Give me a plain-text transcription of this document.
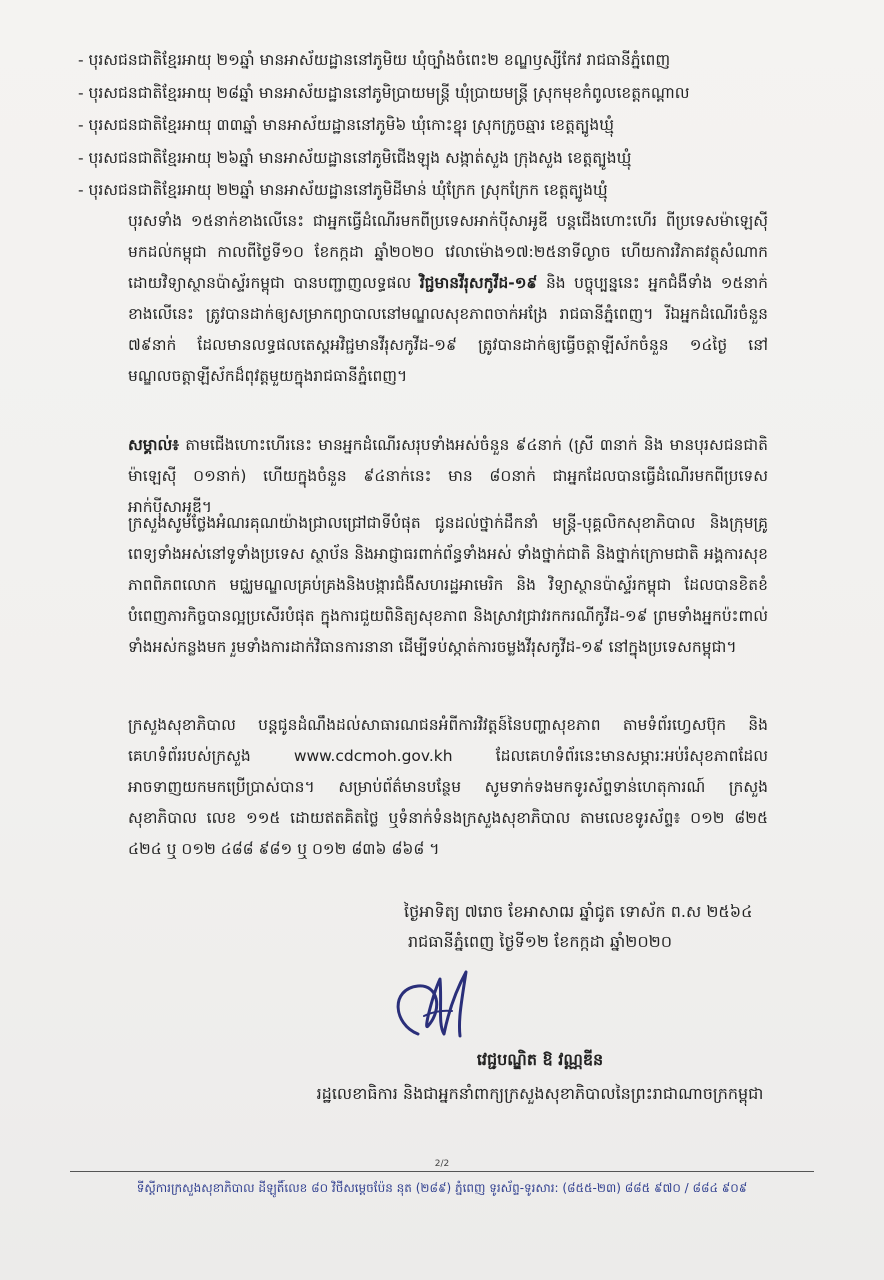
- បុរសជនជាតិខ្មែរអាយុ ២១ឆ្នាំ មានអាស័យដ្ឋាននៅភូមិយ ឃុំច្បាំងចំពេះ២ ខណ្ឌឫស្សីកែវ រាជធានីភ្នំពេញ
- បុរសជនជាតិខ្មែរអាយុ ២៨ឆ្នាំ មានអាស័យដ្ឋាននៅភូមិប្រាយមន្ត្រី ឃុំប្រាយមន្ត្រី ស្រុកមុខកំពូលខេត្តកណ្ដាល
- បុរសជនជាតិខ្មែរអាយុ ៣៣ឆ្នាំ មានអាស័យដ្ឋាននៅភូមិ៦ ឃុំកោះខ្នុរ ស្រុកក្រូចឆ្មារ ខេត្តត្បូងឃ្មុំ
- បុរសជនជាតិខ្មែរអាយុ ២៦ឆ្នាំ មានអាស័យដ្ឋាននៅភូមិជើងឡុង សង្កាត់សួង ក្រុងសួង ខេត្តត្បូងឃ្មុំ
- បុរសជនជាតិខ្មែរអាយុ ២២ឆ្នាំ មានអាស័យដ្ឋាននៅភូមិដីមាន់ ឃុំក្រែក ស្រុកក្រែក ខេត្តត្បូងឃ្មុំ
បុរសទាំង ១៥នាក់ខាងលើនេះ ជាអ្នកធ្វើដំណើរមកពីប្រទេសអាក់ប៉ីសាអូឌី បន្តជើងហោះហើរ ពីប្រទេសម៉ាឡេស៊ី មកដល់កម្ពុជា កាលពីថ្ងៃទី១០ ខែកក្កដា ឆ្នាំ២០២០ វេលាម៉ោង១៧:២៥នាទីល្ងាច ហើយការវិភាគវត្ថុសំណាកដោយវិទ្យាស្ថានប៉ាស្ទ័រកម្ពុជា បានបញ្ជាញលទ្ធផល វិជ្ជមានវីរុសកូវីដ-១៩ និង បច្ចុប្បន្ននេះ អ្នកជំងឺទាំង ១៥នាក់ខាងលើនេះ ត្រូវបានដាក់ឲ្យសម្រាកព្យាបាលនៅមណ្ឌលសុខភាពចាក់អង្រែ រាជធានីភ្នំពេញ។ រីឯអ្នកដំណើរចំនួន ៧៩នាក់ ដែលមានលទ្ធផលតេស្តអវិជ្ជមានវីរុសកូវីដ-១៩ ត្រូវបានដាក់ឲ្យធ្វើចត្តាឡីស័កចំនួន ១៤ថ្ងៃ នៅមណ្ឌលចត្តាឡីស័កដ៏ពុវត្តមួយក្នុងរាជធានីភ្នំពេញ។
សម្គាល់៖ តាមជើងហោះហើរនេះ មានអ្នកដំណើរសរុបទាំងអស់ចំនួន ៩៤នាក់ (ស្រី ៣នាក់ និង មានបុរសជនជាតិម៉ាឡេស៊ី ០១នាក់) ហើយក្នុងចំនួន ៩៤នាក់នេះ មាន ៨០នាក់ ជាអ្នកដែលបានធ្វើដំណើរមកពីប្រទេសអាក់ប៉ីសាអូឌី។
ក្រសួងសូមថ្លែងអំណរគុណយ៉ាងជ្រាលជ្រៅជាទីបំផុត ជូនដល់ថ្នាក់ដឹកនាំ មន្ត្រី-បុគ្គលិកសុខាភិបាល និងក្រុមគ្រូពេទ្យទាំងអស់នៅទូទាំងប្រទេស ស្ថាប័ន និងអាជ្ញាធរពាក់ព័ន្ធទាំងអស់ ទាំងថ្នាក់ជាតិ និងថ្នាក់ក្រោមជាតិ អង្គការសុខភាពពិភពលោក មជ្ឈមណ្ឌលគ្រប់គ្រងនិងបង្ការជំងឺសហរដ្ឋអាមេរិក និង វិទ្យាស្ថានប៉ាស្ទ័រកម្ពុជា ដែលបានខិតខំបំពេញភារកិច្ចបានល្អប្រសើរបំផុត ក្នុងការជួយពិនិត្យសុខភាព និងស្រាវជ្រាវរកករណីកូវីដ-១៩ ព្រមទាំងអ្នកប៉ះពាល់ទាំងអស់កន្លងមក រួមទាំងការដាក់វិធានការនានា ដើម្បីទប់ស្កាត់ការចម្លងវីរុសកូវីដ-១៩ នៅក្នុងប្រទេសកម្ពុជា។
ក្រសួងសុខាភិបាល បន្តជូនដំណឹងដល់សាធារណជនអំពីការវិវត្តន៍នៃបញ្ហាសុខភាព តាមទំព័រហ្វេសប៊ុក និងគេហទំព័ររបស់ក្រសួង www.cdcmoh.gov.kh ដែលគេហទំព័រនេះមានសម្ភារៈអប់រំសុខភាពដែលអាចទាញយកមកប្រើប្រាស់បាន។ សម្រាប់ព័ត៌មានបន្ថែម សូមទាក់ទងមកទូរស័ព្ទទាន់ហេតុការណ៍ ក្រសួងសុខាភិបាល លេខ ១១៥ ដោយឥតគិតថ្លៃ ឬទំនាក់ទំនងក្រសួងសុខាភិបាល តាមលេខទូរស័ព្ទ៖ ០១២ ៨២៥ ៤២៤ ឬ ០១២ ៤៨៨ ៩៨១ ឬ ០១២ ៨៣៦ ៨៦៨ ។
ថ្ងៃអាទិត្យ ៧រោច ខែអាសាឍ ឆ្នាំជូត ទោស័ក ព.ស ២៥៦៤
រាជធានីភ្នំពេញ ថ្ងៃទី១២ ខែកក្កដា ឆ្នាំ២០២០
វេជ្ជបណ្ឌិត ឱ វណ្ណឌីន
រដ្ឋលេខាធិការ និងជាអ្នកនាំពាក្យក្រសួងសុខាភិបាលនៃព្រះរាជាណាចក្រកម្ពុជា
2/2
ទីស្តីការក្រសួងសុខាភិបាល ដីឡូតិ៍លេខ ៨០ វិថីសម្ដេចប៉ែន នុត (២៨៩) ភ្នំពេញ ទូរស័ព្ទ-ទូរសារ: (៨៥៥-២៣) ៨៨៥ ៩៧០ / ៨៨៤ ៩០៩
